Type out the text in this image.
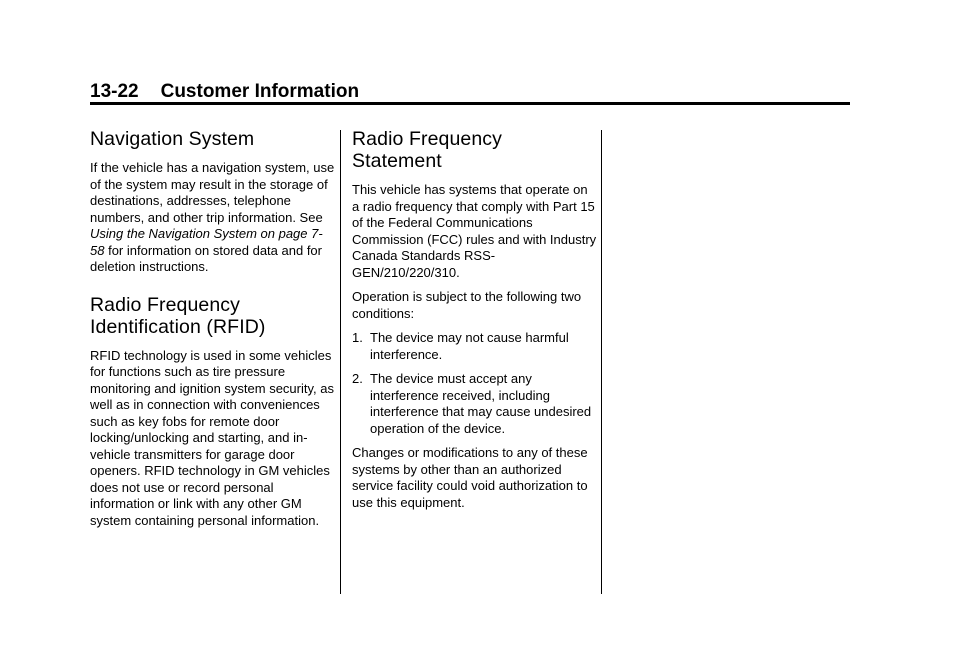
13-22 Customer Information
Navigation System

If the vehicle has a navigation system, use of the system may result in the storage of destinations, addresses, telephone numbers, and other trip information. See Using the Navigation System on page 7-58 for information on stored data and for deletion instructions.

Radio Frequency
Identification (RFID)

RFID technology is used in some vehicles for functions such as tire pressure monitoring and ignition system security, as well as in connection with conveniences such as key fobs for remote door locking/unlocking and starting, and in-vehicle transmitters for garage door openers. RFID technology in GM vehicles does not use or record personal information or link with any other GM system containing personal information.

Radio Frequency
Statement

This vehicle has systems that operate on a radio frequency that comply with Part 15 of the Federal Communications Commission (FCC) rules and with Industry Canada Standards RSS-GEN/210/220/310.

Operation is subject to the following two conditions:

1. The device may not cause harmful interference.
2. The device must accept any interference received, including interference that may cause undesired operation of the device.

Changes or modifications to any of these systems by other than an authorized service facility could void authorization to use this equipment.
